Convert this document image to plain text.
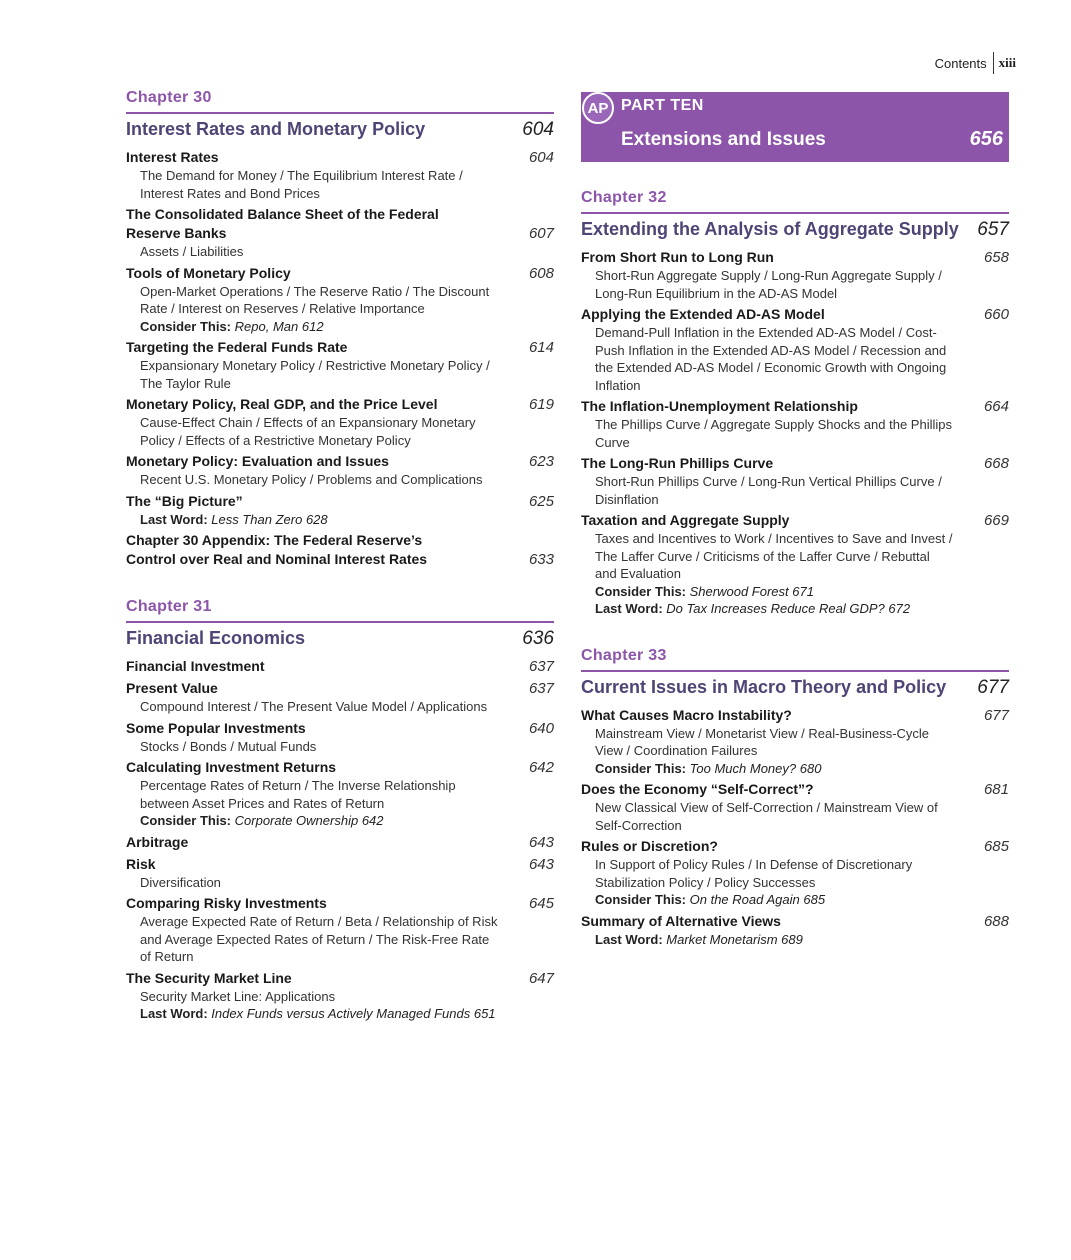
Contents xiii
Chapter 30
Interest Rates and Monetary Policy	604
Interest Rates	604
The Demand for Money / The Equilibrium Interest Rate / Interest Rates and Bond Prices
The Consolidated Balance Sheet of the Federal Reserve Banks	607
Assets / Liabilities
Tools of Monetary Policy	608
Open-Market Operations / The Reserve Ratio / The Discount Rate / Interest on Reserves / Relative Importance
Consider This: Repo, Man 612
Targeting the Federal Funds Rate	614
Expansionary Monetary Policy / Restrictive Monetary Policy / The Taylor Rule
Monetary Policy, Real GDP, and the Price Level	619
Cause-Effect Chain / Effects of an Expansionary Monetary Policy / Effects of a Restrictive Monetary Policy
Monetary Policy: Evaluation and Issues	623
Recent U.S. Monetary Policy / Problems and Complications
The “Big Picture”	625
Last Word: Less Than Zero 628
Chapter 30 Appendix: The Federal Reserve’s Control over Real and Nominal Interest Rates	633
Chapter 31
Financial Economics	636
Financial Investment	637
Present Value	637
Compound Interest / The Present Value Model / Applications
Some Popular Investments	640
Stocks / Bonds / Mutual Funds
Calculating Investment Returns	642
Percentage Rates of Return / The Inverse Relationship between Asset Prices and Rates of Return
Consider This: Corporate Ownership 642
Arbitrage	643
Risk	643
Diversification
Comparing Risky Investments	645
Average Expected Rate of Return / Beta / Relationship of Risk and Average Expected Rates of Return / The Risk-Free Rate of Return
The Security Market Line	647
Security Market Line: Applications
Last Word: Index Funds versus Actively Managed Funds 651
AP PART TEN
Extensions and Issues	656
Chapter 32
Extending the Analysis of Aggregate Supply 657
From Short Run to Long Run	658
Short-Run Aggregate Supply / Long-Run Aggregate Supply / Long-Run Equilibrium in the AD-AS Model
Applying the Extended AD-AS Model	660
Demand-Pull Inflation in the Extended AD-AS Model / Cost-Push Inflation in the Extended AD-AS Model / Recession and the Extended AD-AS Model / Economic Growth with Ongoing Inflation
The Inflation-Unemployment Relationship	664
The Phillips Curve / Aggregate Supply Shocks and the Phillips Curve
The Long-Run Phillips Curve	668
Short-Run Phillips Curve / Long-Run Vertical Phillips Curve / Disinflation
Taxation and Aggregate Supply	669
Taxes and Incentives to Work / Incentives to Save and Invest / The Laffer Curve / Criticisms of the Laffer Curve / Rebuttal and Evaluation
Consider This: Sherwood Forest 671
Last Word: Do Tax Increases Reduce Real GDP? 672
Chapter 33
Current Issues in Macro Theory and Policy 677
What Causes Macro Instability?	677
Mainstream View / Monetarist View / Real-Business-Cycle View / Coordination Failures
Consider This: Too Much Money? 680
Does the Economy “Self-Correct”?	681
New Classical View of Self-Correction / Mainstream View of Self-Correction
Rules or Discretion?	685
In Support of Policy Rules / In Defense of Discretionary Stabilization Policy / Policy Successes
Consider This: On the Road Again 685
Summary of Alternative Views	688
Last Word: Market Monetarism 689
